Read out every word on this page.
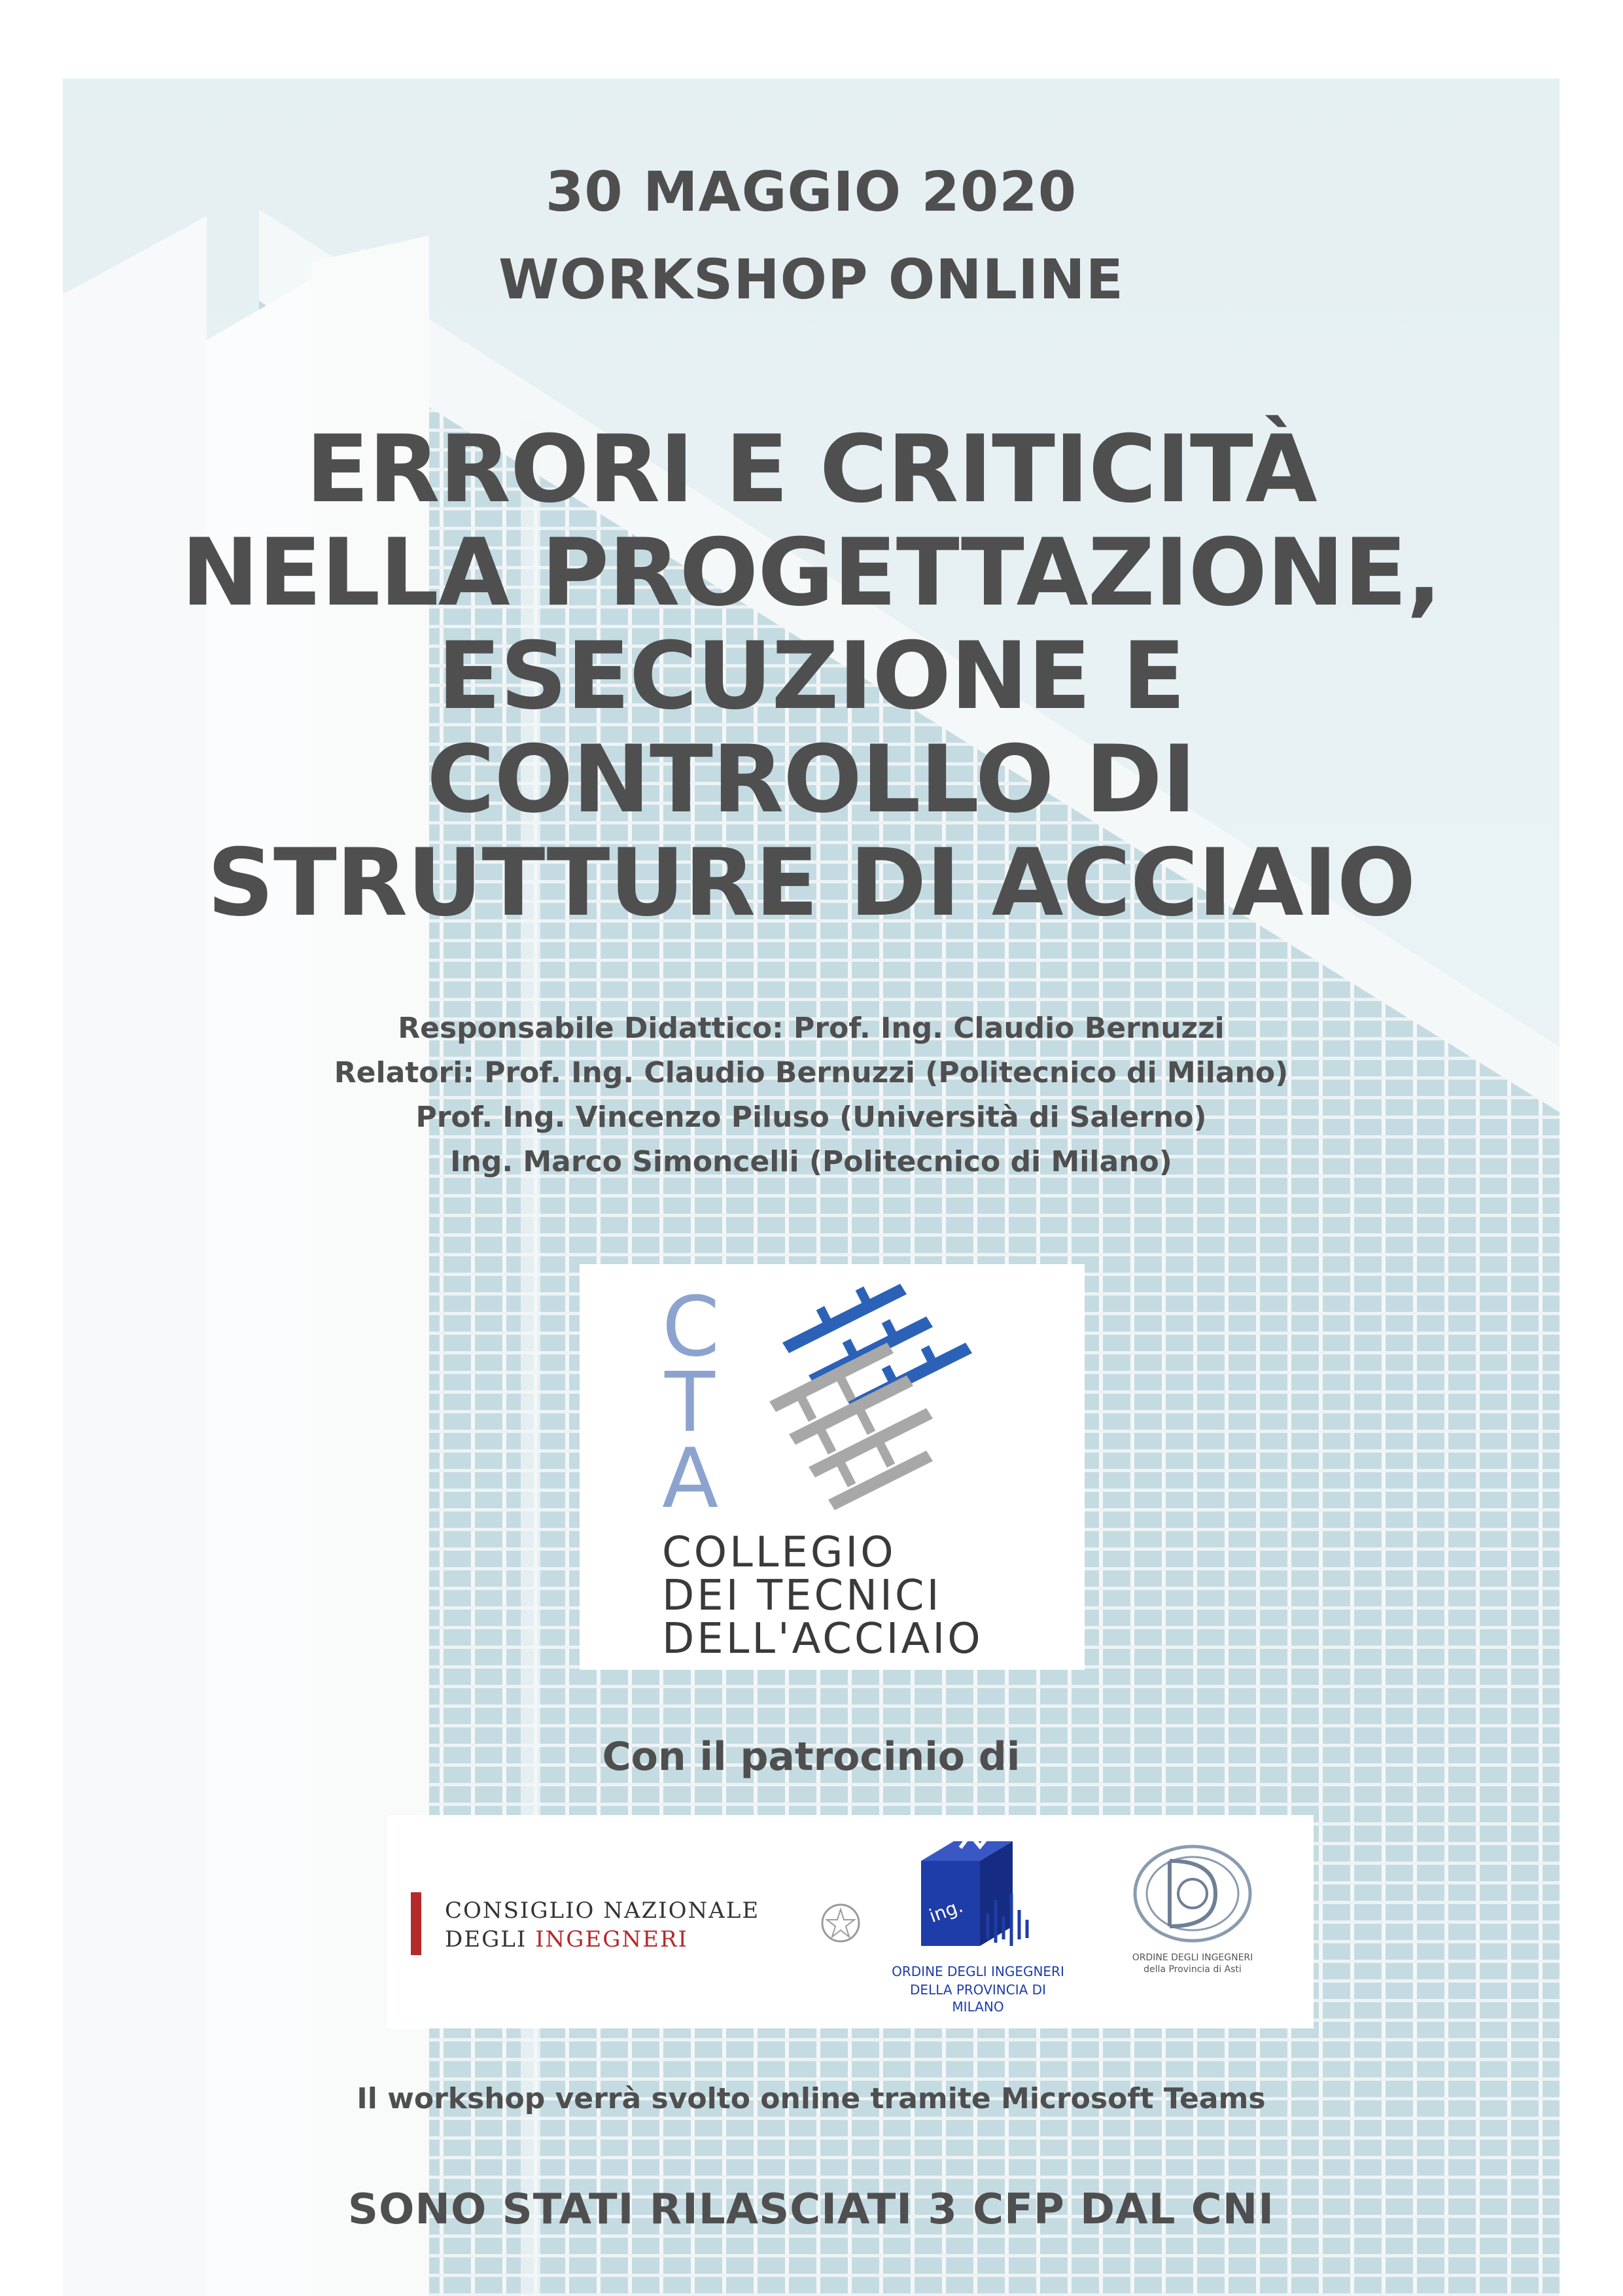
30 MAGGIO 2020

WORKSHOP ONLINE

ERRORI E CRITICITÀ

NELLA PROGETTAZIONE,

ESECUZIONE E

CONTROLLO DI

STRUTTURE DI ACCIAIO

Responsabile Didattico: Prof. Ing. Claudio Bernuzzi

Relatori: Prof. Ing. Claudio Bernuzzi (Politecnico di Milano)

Prof. Ing. Vincenzo Piluso (Università di Salerno)

Ing. Marco Simoncelli (Politecnico di Milano)

C

T

A

COLLEGIO

DEI TECNICI

DELL'ACCIAIO

Con il patrocinio di

CONSIGLIO NAZIONALE

DEGLI INGEGNERI

ing.

ORDINE DEGLI INGEGNERI

DELLA PROVINCIA DI MILANO

ORDINE DEGLI INGEGNERI

della Provincia di Asti

Il workshop verrà svolto online tramite Microsoft Teams

SONO STATI RILASCIATI 3 CFP DAL CNI
